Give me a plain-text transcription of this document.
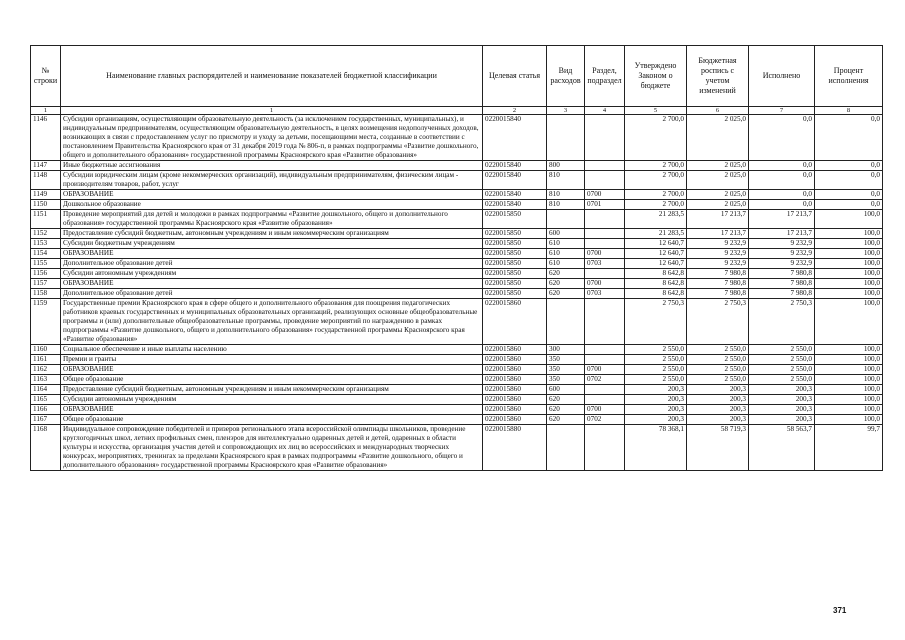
№ строки	Наименование главных распорядителей и наименование показателей бюджетной классификации	Целевая статья	Вид расходов	Раздел, подраздел	Утверждено Законом о бюджете	Бюджетная роспись с учетом изменений	Исполнено	Процент исполнения
1	1	2	3	4	5	6	7	8
1146	Субсидии организациям, осуществляющим образовательную деятельность (за исключением государственных, муниципальных), и индивидуальным предпринимателям, осуществляющим образовательную деятельность, в целях возмещения недополученных доходов, возникающих в связи с предоставлением услуг по присмотру и уходу за детьми, посещающими места, созданные в соответствии с постановлением Правительства Красноярского края от 31 декабря 2019 года № 806-п, в рамках подпрограммы «Развитие дошкольного, общего и дополнительного образования» государственной программы Красноярского края «Развитие образования»	0220015840			2 700,0	2 025,0	0,0	0,0
1147	Иные бюджетные ассигнования	0220015840	800		2 700,0	2 025,0	0,0	0,0
1148	Субсидии юридическим лицам (кроме некоммерческих организаций), индивидуальным предпринимателям, физическим лицам - производителям товаров, работ, услуг	0220015840	810		2 700,0	2 025,0	0,0	0,0
1149	ОБРАЗОВАНИЕ	0220015840	810	0700	2 700,0	2 025,0	0,0	0,0
1150	Дошкольное образование	0220015840	810	0701	2 700,0	2 025,0	0,0	0,0
1151	Проведение мероприятий для детей и молодежи в рамках подпрограммы «Развитие дошкольного, общего и дополнительного образования» государственной программы Красноярского края «Развитие образования»	0220015850			21 283,5	17 213,7	17 213,7	100,0
1152	Предоставление субсидий бюджетным, автономным учреждениям и иным некоммерческим организациям	0220015850	600		21 283,5	17 213,7	17 213,7	100,0
1153	Субсидии бюджетным учреждениям	0220015850	610		12 640,7	9 232,9	9 232,9	100,0
1154	ОБРАЗОВАНИЕ	0220015850	610	0700	12 640,7	9 232,9	9 232,9	100,0
1155	Дополнительное образование детей	0220015850	610	0703	12 640,7	9 232,9	9 232,9	100,0
1156	Субсидии автономным учреждениям	0220015850	620		8 642,8	7 980,8	7 980,8	100,0
1157	ОБРАЗОВАНИЕ	0220015850	620	0700	8 642,8	7 980,8	7 980,8	100,0
1158	Дополнительное образование детей	0220015850	620	0703	8 642,8	7 980,8	7 980,8	100,0
1159	Государственные премии Красноярского края в сфере общего и дополнительного образования для поощрения педагогических работников краевых государственных и муниципальных образовательных организаций, реализующих основные общеобразовательные программы и (или) дополнительные общеобразовательные программы, проведение мероприятий по награждению в рамках подпрограммы «Развитие дошкольного, общего и дополнительного образования» государственной программы Красноярского края «Развитие образования»	0220015860			2 750,3	2 750,3	2 750,3	100,0
1160	Социальное обеспечение и иные выплаты населению	0220015860	300		2 550,0	2 550,0	2 550,0	100,0
1161	Премии и гранты	0220015860	350		2 550,0	2 550,0	2 550,0	100,0
1162	ОБРАЗОВАНИЕ	0220015860	350	0700	2 550,0	2 550,0	2 550,0	100,0
1163	Общее образование	0220015860	350	0702	2 550,0	2 550,0	2 550,0	100,0
1164	Предоставление субсидий бюджетным, автономным учреждениям и иным некоммерческим организациям	0220015860	600		200,3	200,3	200,3	100,0
1165	Субсидии автономным учреждениям	0220015860	620		200,3	200,3	200,3	100,0
1166	ОБРАЗОВАНИЕ	0220015860	620	0700	200,3	200,3	200,3	100,0
1167	Общее образование	0220015860	620	0702	200,3	200,3	200,3	100,0
1168	Индивидуальное сопровождение победителей и призеров регионального этапа всероссийской олимпиады школьников, проведение круглогодичных школ, летних профильных смен, пленэров для интеллектуально одаренных детей и детей, одаренных в области культуры и искусства, организация участия детей и сопровождающих их лиц во всероссийских и международных творческих конкурсах, мероприятиях, тренингах за пределами Красноярского края в рамках подпрограммы «Развитие дошкольного, общего и дополнительного образования» государственной программы Красноярского края «Развитие образования»	0220015880			78 368,1	58 719,3	58 563,7	99,7
371
